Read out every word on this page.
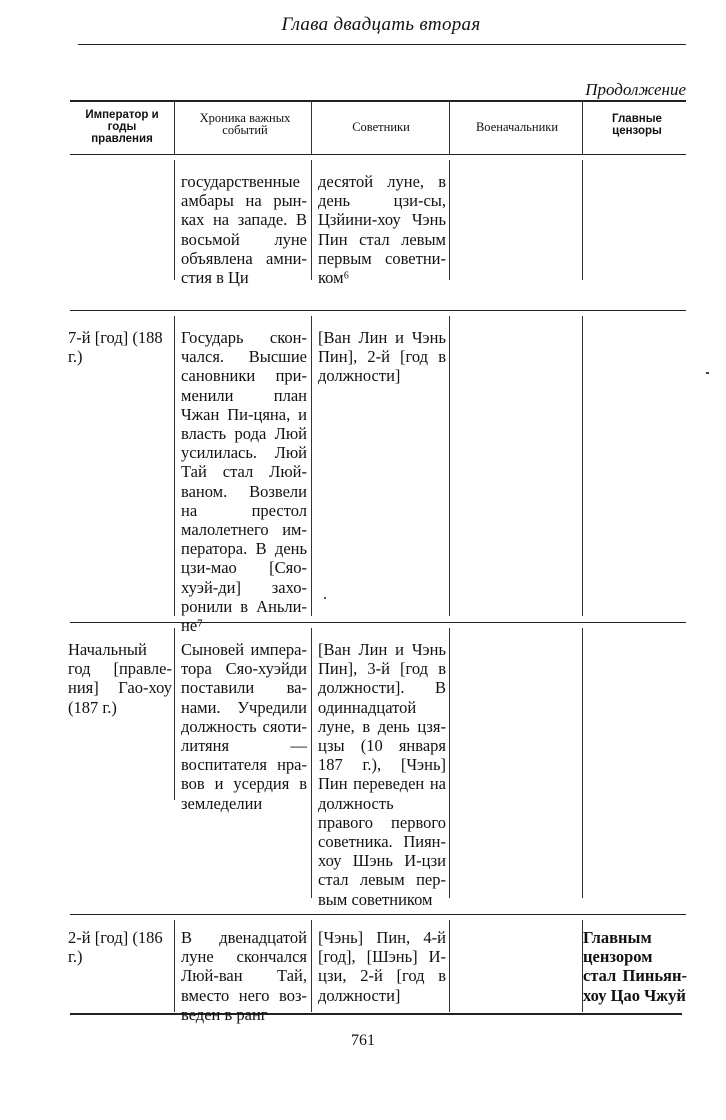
Глава двадцать вторая
Продолжение
Император и годы правления
Хроника важных событий	Советники	Военачальники
Главные цензоры
государственные амбары на рынках на западе. В восьмой луне объявлена амнистия в Ци
десятой луне, в день цзи-сы, Цзйини-хоу Чэнь Пин стал левым первым советником⁶
7-й [год] (188 г.)
Государь скончался. Высшие сановники применили план Чжан Пи-цяна, и власть рода Люй усилилась. Люй Тай стал Люй-ваном. Возвели на престол малолетнего императора. В день цзи-мао [Сяохуэй-ди] захоронили в Аньлине⁷
[Ван Лин и Чэнь Пин], 2-й [год в должности]
Начальный год [правления] Гао-хоу (187 г.)
Сыновей императора Сяо-хуэйди поставили ванами. Учредили должность сяоти-литяня — воспитателя нравов и усердия в земледелии
[Ван Лин и Чэнь Пин], 3-й [год в должности]. В одиннадцатой луне, в день цзя-цзы (10 января 187 г.), [Чэнь] Пин переведен на должность правого первого советника. Пиян-хоу Шэнь И-цзи стал левым первым советником
2-й [год] (186 г.)
В двенадцатой луне скончался Люй-ван Тай, вместо него возведен в ранг
[Чэнь] Пин, 4-й [год], [Шэнь] И-цзи, 2-й [год в должности]
Главным цензором стал Пиньян-хоу Цао Чжуй
761
